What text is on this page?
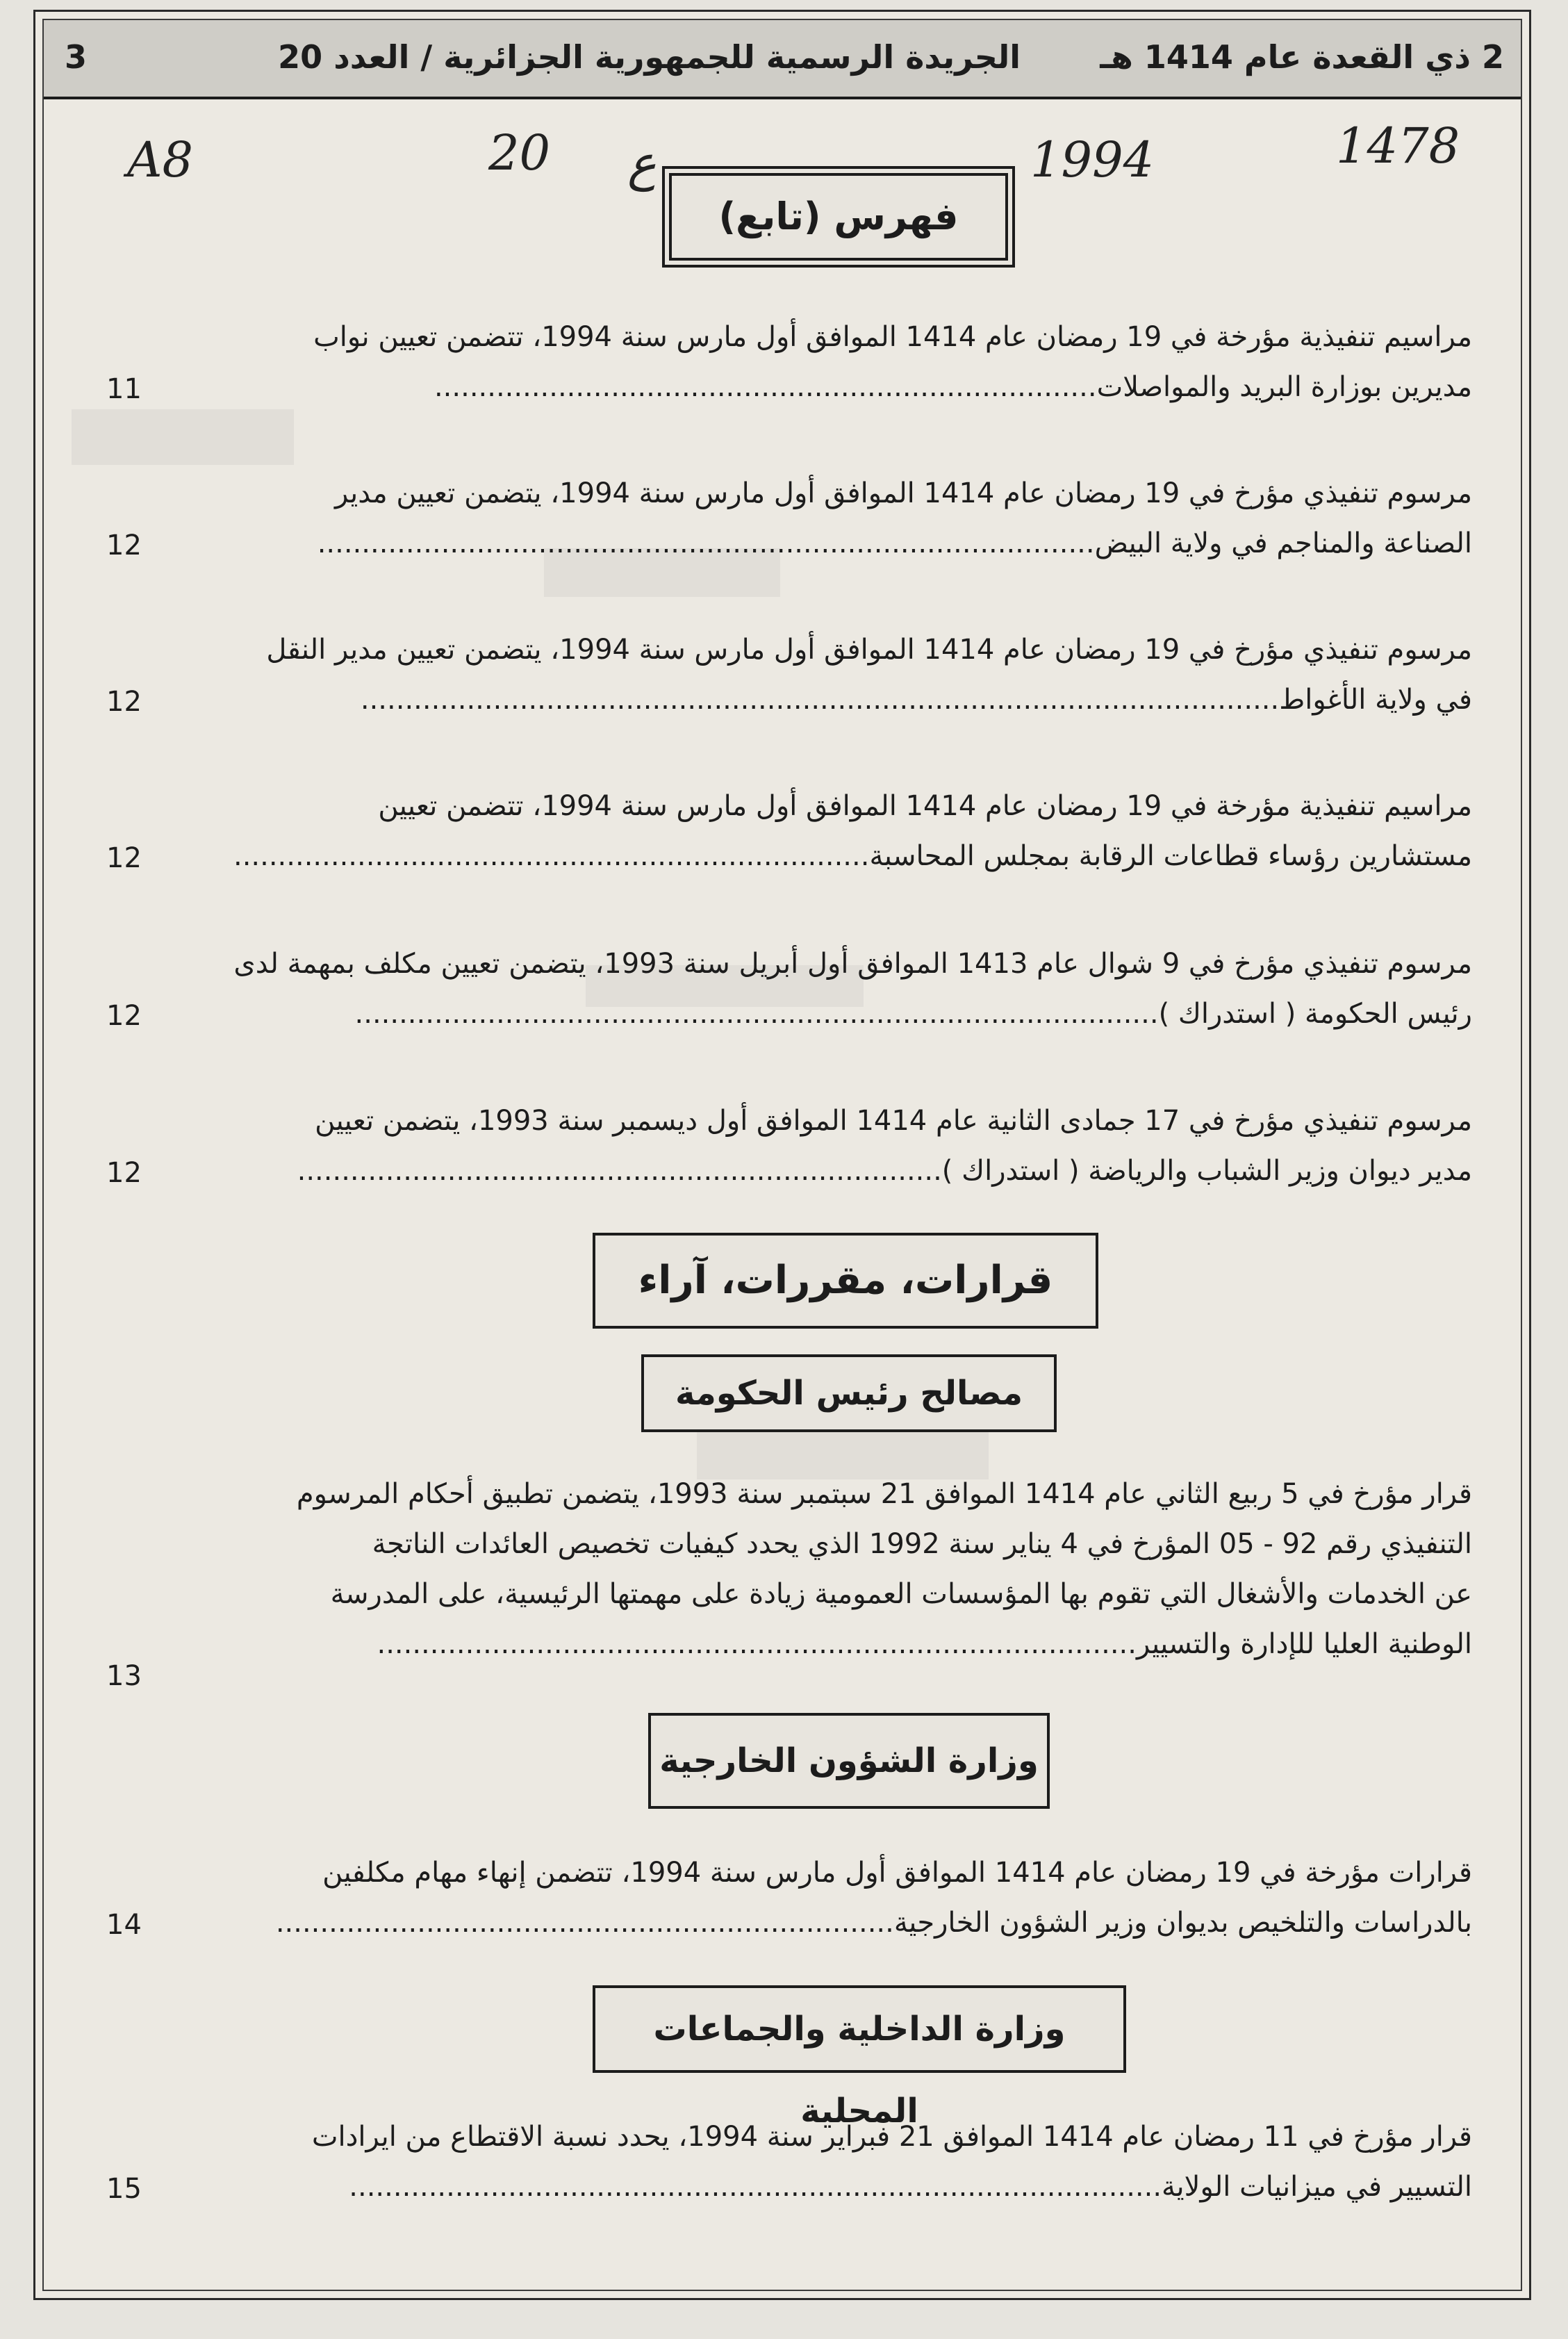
2 ذي القعدة عام 1414 هـ
الجريدة الرسمية للجمهورية الجزائرية / العدد 20
3
A8	20 ع	1994	1478
فهرس (تابع)
مراسيم تنفيذية مؤرخة في 19 رمضان عام 1414 الموافق أول مارس سنة 1994، تتضمن تعيين نواب
مديرين بوزارة البريد والمواصلات...........................................................................
11
مرسوم تنفيذي مؤرخ في 19 رمضان عام 1414 الموافق أول مارس سنة 1994، يتضمن تعيين مدير
الصناعة والمناجم في ولاية البيض........................................................................................
12
مرسوم تنفيذي مؤرخ في 19 رمضان عام 1414 الموافق أول مارس سنة 1994، يتضمن تعيين مدير النقل
في ولاية الأغواط........................................................................................................
12
مراسيم تنفيذية مؤرخة في 19 رمضان عام 1414 الموافق أول مارس سنة 1994، تتضمن تعيين
مستشارين رؤساء قطاعات الرقابة بمجلس المحاسبة........................................................................
12
مرسوم تنفيذي مؤرخ في 9 شوال عام 1413 الموافق أول أبريل سنة 1993، يتضمن تعيين مكلف بمهمة لدى
رئيس الحكومة ( استدراك )...........................................................................................
12
مرسوم تنفيذي مؤرخ في 17 جمادى الثانية عام 1414 الموافق أول ديسمبر سنة 1993، يتضمن تعيين
مدير ديوان وزير الشباب والرياضة ( استدراك ).........................................................................
12
قرارات، مقررات، آراء
مصالح رئيس الحكومة
قرار مؤرخ في 5 ربيع الثاني عام 1414 الموافق 21 سبتمبر سنة 1993، يتضمن تطبيق أحكام المرسوم
التنفيذي رقم 92 - 05 المؤرخ في 4 يناير سنة 1992 الذي يحدد كيفيات تخصيص العائدات الناتجة
عن الخدمات والأشغال التي تقوم بها المؤسسات العمومية زيادة على مهمتها الرئيسية، على المدرسة
الوطنية العليا للإدارة والتسيير......................................................................................
13
وزارة الشؤون الخارجية
قرارات مؤرخة في 19 رمضان عام 1414 الموافق أول مارس سنة 1994، تتضمن إنهاء مهام مكلفين
بالدراسات والتلخيص بديوان وزير الشؤون الخارجية......................................................................
14
وزارة الداخلية والجماعات المحلية
قرار مؤرخ في 11 رمضان عام 1414 الموافق 21 فبراير سنة 1994، يحدد نسبة الاقتطاع من ايرادات
التسيير في ميزانيات الولاية............................................................................................
15
